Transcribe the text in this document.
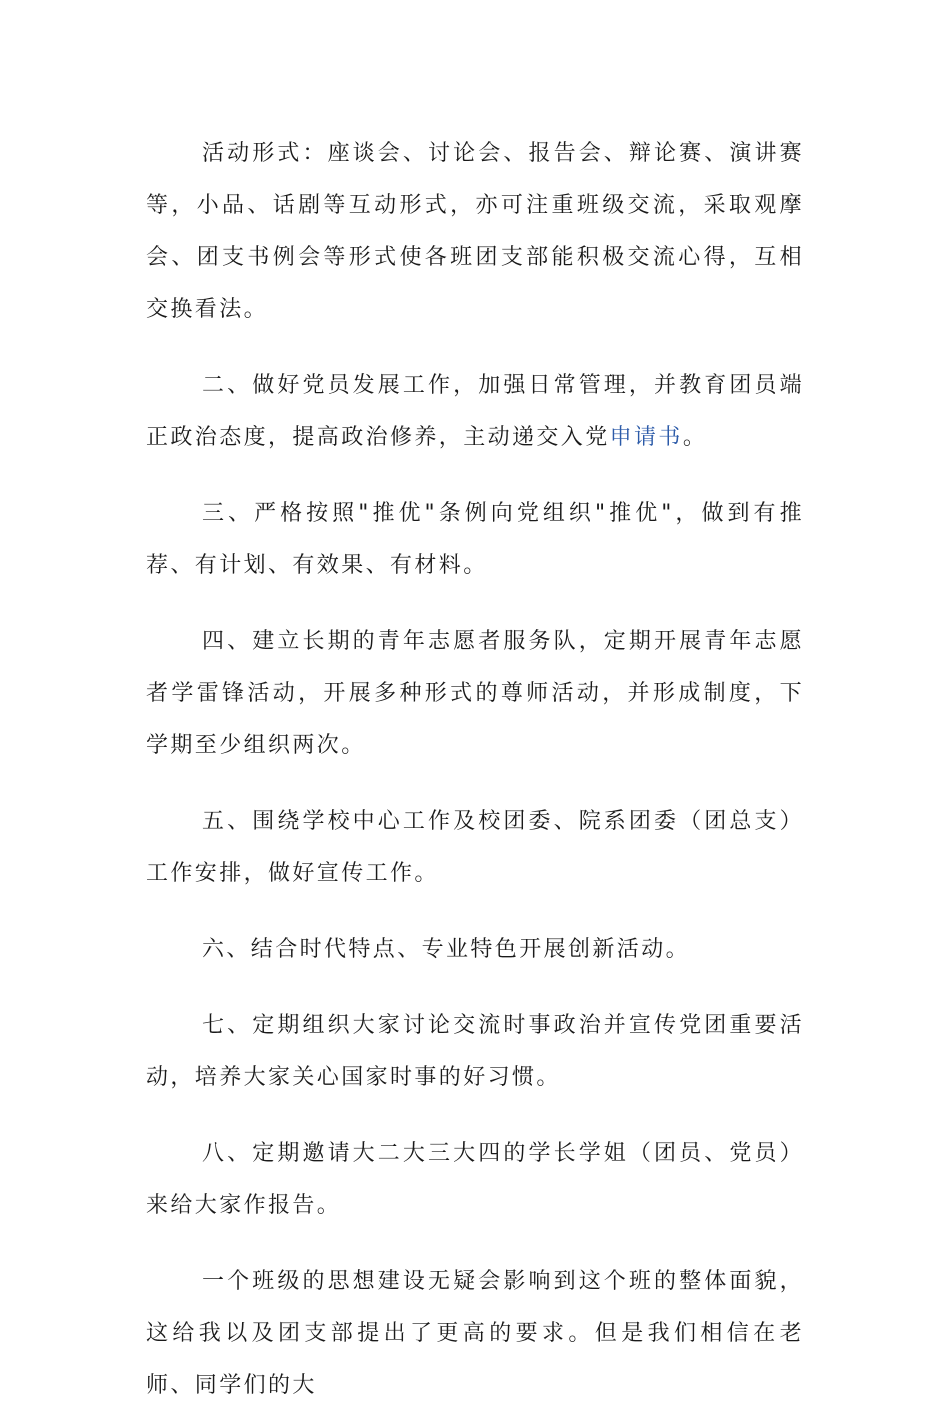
活动形式：座谈会、讨论会、报告会、辩论赛、演讲赛等，小品、话剧等互动形式，亦可注重班级交流，采取观摩会、团支书例会等形式使各班团支部能积极交流心得，互相交换看法。

二、做好党员发展工作，加强日常管理，并教育团员端正政治态度，提高政治修养，主动递交入党申请书。

三、严格按照"推优"条例向党组织"推优"，做到有推荐、有计划、有效果、有材料。

四、建立长期的青年志愿者服务队，定期开展青年志愿者学雷锋活动，开展多种形式的尊师活动，并形成制度，下学期至少组织两次。

五、围绕学校中心工作及校团委、院系团委（团总支）工作安排，做好宣传工作。

六、结合时代特点、专业特色开展创新活动。

七、定期组织大家讨论交流时事政治并宣传党团重要活动，培养大家关心国家时事的好习惯。

八、定期邀请大二大三大四的学长学姐（团员、党员）来给大家作报告。

一个班级的思想建设无疑会影响到这个班的整体面貌，这给我以及团支部提出了更高的要求。但是我们相信在老师、同学们的大
